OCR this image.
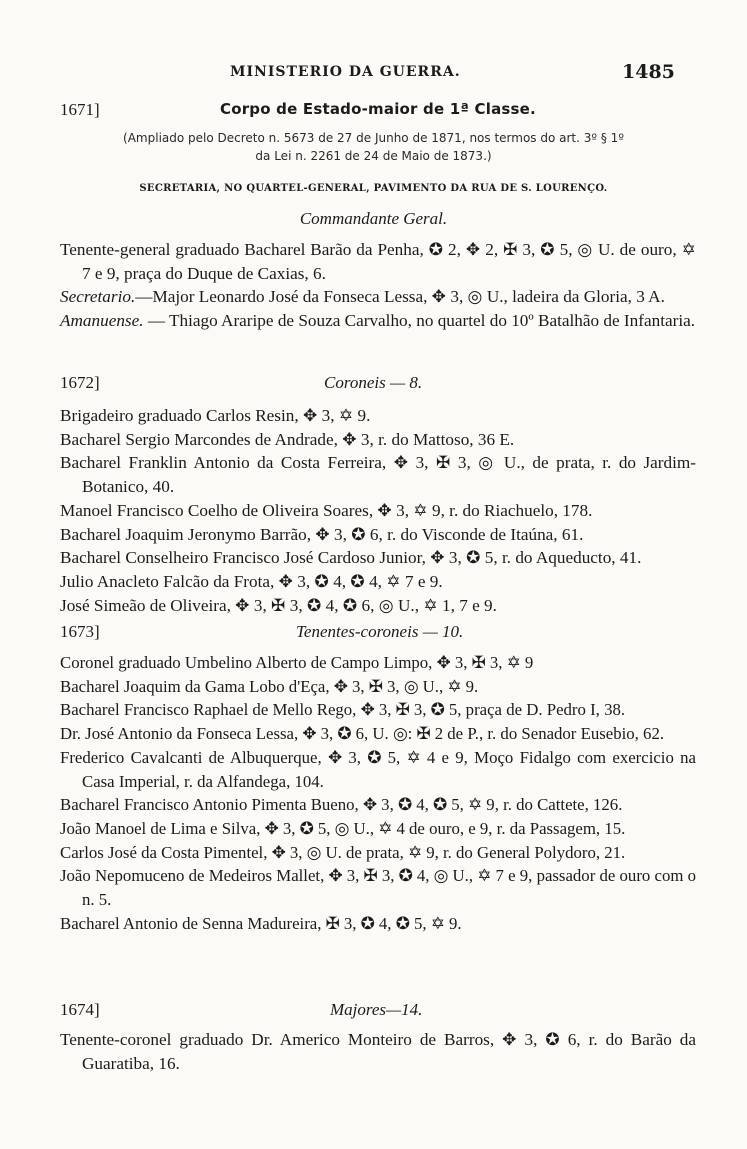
MINISTERIO DA GUERRA.	1485
1671]	Corpo de Estado-maior de 1ª Classe.
(Ampliado pelo Decreto n. 5673 de 27 de Junho de 1871, nos termos do art. 3º § 1º
da Lei n. 2261 de 24 de Maio de 1873.)
SECRETARIA, NO QUARTEL-GENERAL, PAVIMENTO DA RUA DE S. LOURENÇO.
Commandante Geral.
Tenente-general graduado Bacharel Barão da Penha, ✪ 2, ✥ 2, ✠ 3, ✪ 5, ◎ U. de ouro, ✡ 7 e 9, praça do Duque de Caxias, 6.
Secretario.—Major Leonardo José da Fonseca Lessa, ✥ 3, ◎ U., ladeira da Gloria, 3 A.
Amanuense. — Thiago Araripe de Souza Carvalho, no quartel do 10º Batalhão de Infantaria.
1672]	Coroneis — 8.
Brigadeiro graduado Carlos Resin, ✥ 3, ✡ 9.
Bacharel Sergio Marcondes de Andrade, ✥ 3, r. do Mattoso, 36 E.
Bacharel Franklin Antonio da Costa Ferreira, ✥ 3, ✠ 3, ◎ U., de prata, r. do Jardim-Botanico, 40.
Manoel Francisco Coelho de Oliveira Soares, ✥ 3, ✡ 9, r. do Riachuelo, 178.
Bacharel Joaquim Jeronymo Barrão, ✥ 3, ✪ 6, r. do Visconde de Itaúna, 61.
Bacharel Conselheiro Francisco José Cardoso Junior, ✥ 3, ✪ 5, r. do Aqueducto, 41.
Julio Anacleto Falcão da Frota, ✥ 3, ✪ 4, ✪ 4, ✡ 7 e 9.
José Simeão de Oliveira, ✥ 3, ✠ 3, ✪ 4, ✪ 6, ◎ U., ✡ 1, 7 e 9.
1673]	Tenentes-coroneis — 10.
Coronel graduado Umbelino Alberto de Campo Limpo, ✥ 3, ✠ 3, ✡ 9
Bacharel Joaquim da Gama Lobo d'Eça, ✥ 3, ✠ 3, ◎ U., ✡ 9.
Bacharel Francisco Raphael de Mello Rego, ✥ 3, ✠ 3, ✪ 5, praça de D. Pedro I, 38.
Dr. José Antonio da Fonseca Lessa, ✥ 3, ✪ 6, U. ◎: ✠ 2 de P., r. do Senador Eusebio, 62.
Frederico Cavalcanti de Albuquerque, ✥ 3, ✪ 5, ✡ 4 e 9, Moço Fidalgo com exercicio na Casa Imperial, r. da Alfandega, 104.
Bacharel Francisco Antonio Pimenta Bueno, ✥ 3, ✪ 4, ✪ 5, ✡ 9, r. do Cattete, 126.
João Manoel de Lima e Silva, ✥ 3, ✪ 5, ◎ U., ✡ 4 de ouro, e 9, r. da Passagem, 15.
Carlos José da Costa Pimentel, ✥ 3, ◎ U. de prata, ✡ 9, r. do General Polydoro, 21.
João Nepomuceno de Medeiros Mallet, ✥ 3, ✠ 3, ✪ 4, ◎ U., ✡ 7 e 9, passador de ouro com o n. 5.
Bacharel Antonio de Senna Madureira, ✠ 3, ✪ 4, ✪ 5, ✡ 9.
1674]	Majores—14.
Tenente-coronel graduado Dr. Americo Monteiro de Barros, ✥ 3, ✪ 6, r. do Barão da Guaratiba, 16.
